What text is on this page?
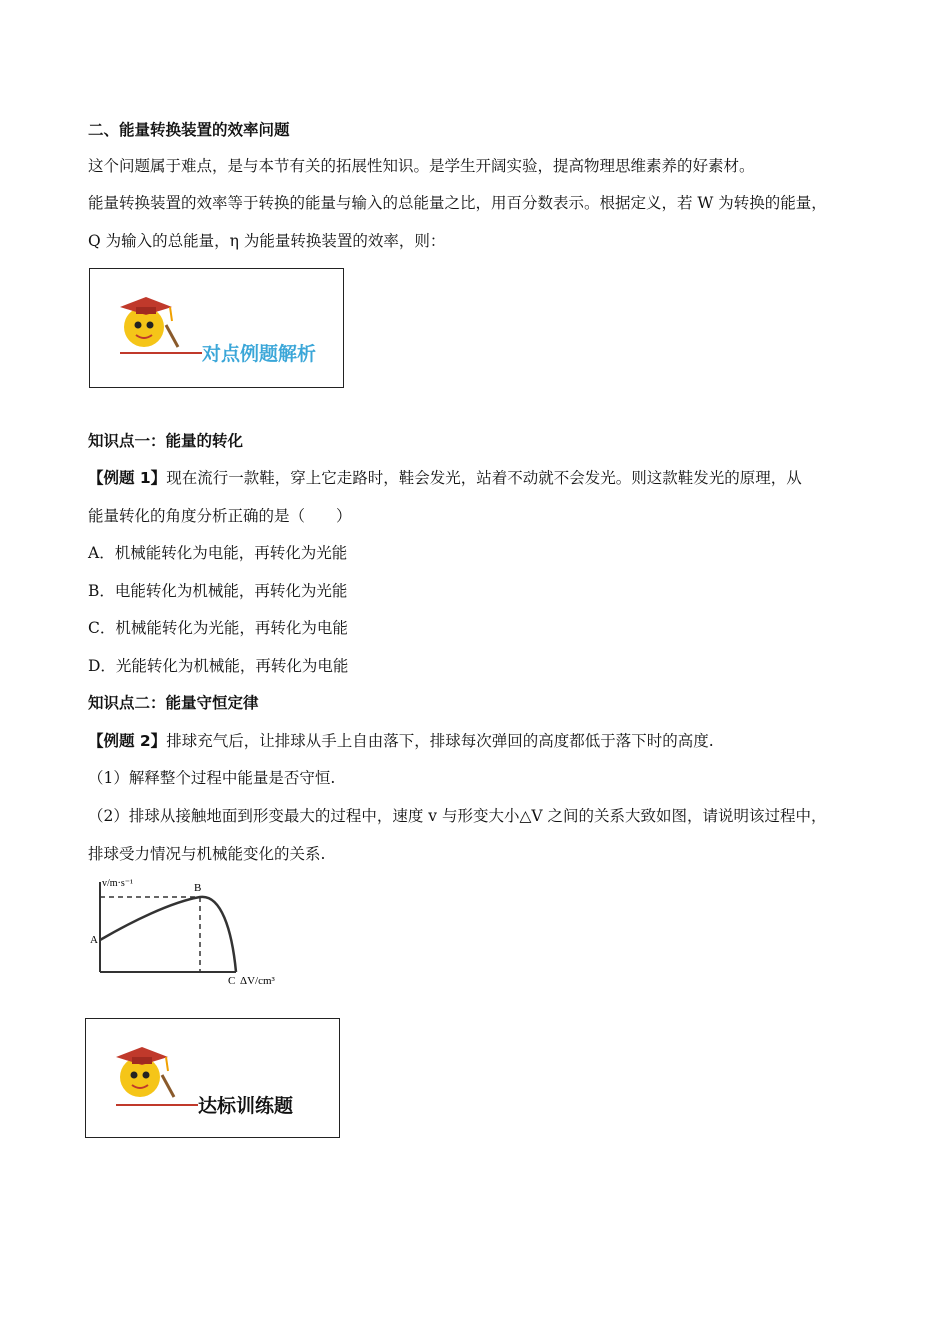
二、能量转换装置的效率问题
这个问题属于难点，是与本节有关的拓展性知识。是学生开阔实验，提高物理思维素养的好素材。
能量转换装置的效率等于转换的能量与输入的总能量之比，用百分数表示。根据定义，若 W 为转换的能量，
Q 为输入的总能量，η 为能量转换装置的效率，则：
对点例题解析
知识点一：能量的转化
【例题 1】现在流行一款鞋，穿上它走路时，鞋会发光，站着不动就不会发光。则这款鞋发光的原理，从
能量转化的角度分析正确的是（　　）
A．机械能转化为电能，再转化为光能
B．电能转化为机械能，再转化为光能
C．机械能转化为光能，再转化为电能
D．光能转化为机械能，再转化为电能
知识点二：能量守恒定律
【例题 2】排球充气后，让排球从手上自由落下，排球每次弹回的高度都低于落下时的高度.
（1）解释整个过程中能量是否守恒.
（2）排球从接触地面到形变最大的过程中，速度 v 与形变大小△V 之间的关系大致如图，请说明该过程中，
排球受力情况与机械能变化的关系.
v/m·s⁻¹
A
B
C ΔV/cm³
达标训练题
